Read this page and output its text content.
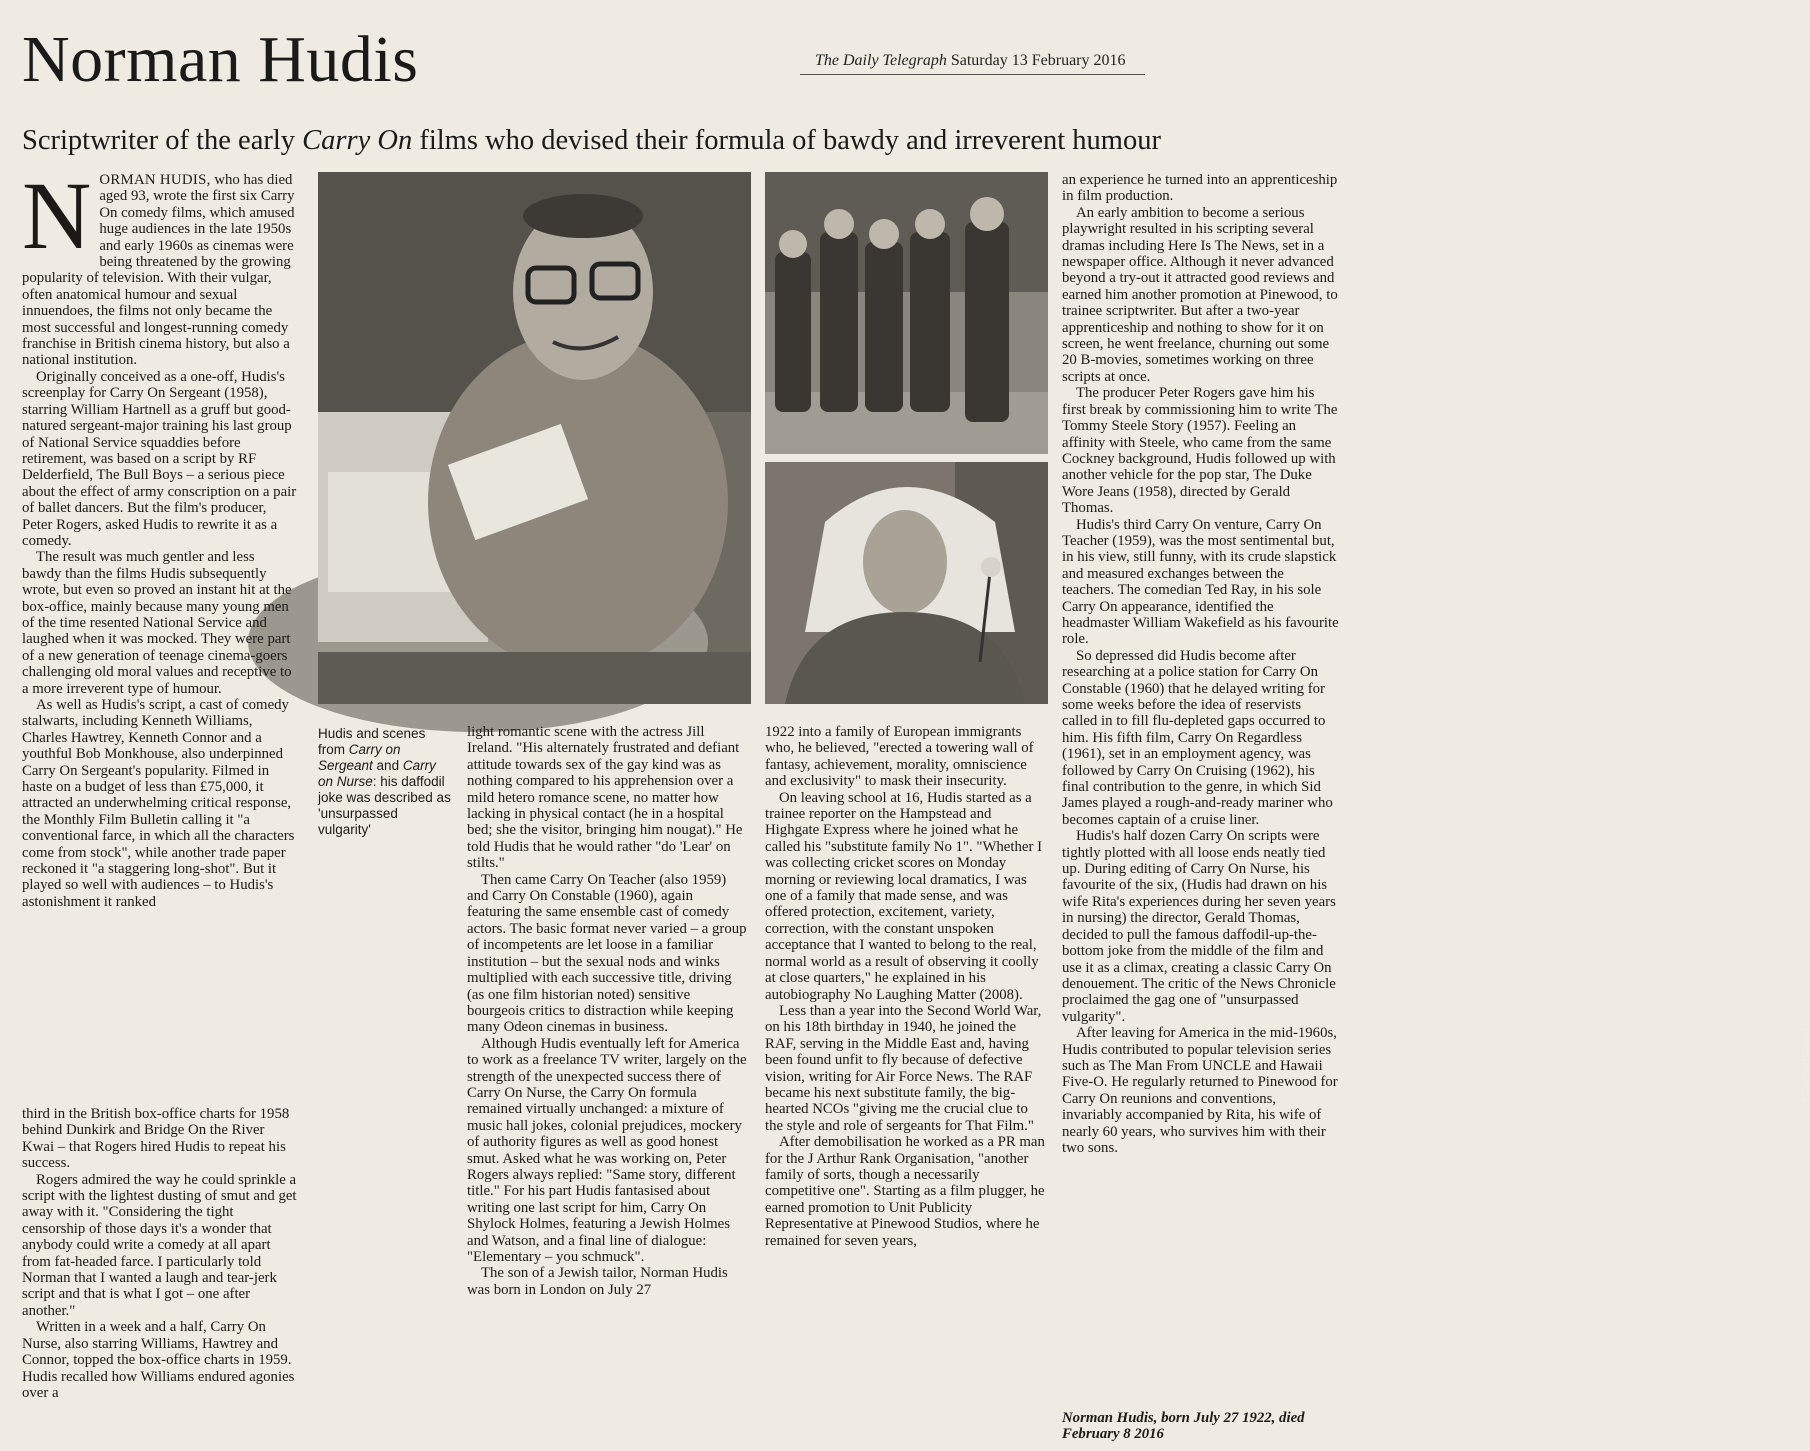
Norman Hudis	The Daily Telegraph Saturday 13 February 2016
Scriptwriter of the early Carry On films who devised their formula of bawdy and irreverent humour
REX/PHOTOSHOT
Hudis and scenes from Carry on Sergeant and Carry on Nurse: his daffodil joke was described as 'unsurpassed vulgarity'

NORMAN HUDIS, who has died aged 93, wrote the first six Carry On comedy films, which amused huge audiences in the late 1950s and early 1960s as cinemas were being threatened by the growing popularity of television. With their vulgar, often anatomical humour and sexual innuendoes, the films not only became the most successful and longest-running comedy franchise in British cinema history, but also a national institution.

Originally conceived as a one-off, Hudis's screenplay for Carry On Sergeant (1958), starring William Hartnell as a gruff but good-natured sergeant-major training his last group of National Service squaddies before retirement, was based on a script by RF Delderfield, The Bull Boys – a serious piece about the effect of army conscription on a pair of ballet dancers. But the film's producer, Peter Rogers, asked Hudis to rewrite it as a comedy.

The result was much gentler and less bawdy than the films Hudis subsequently wrote, but even so proved an instant hit at the box-office, mainly because many young men of the time resented National Service and laughed when it was mocked. They were part of a new generation of teenage cinema-goers challenging old moral values and receptive to a more irreverent type of humour.

As well as Hudis's script, a cast of comedy stalwarts, including Kenneth Williams, Charles Hawtrey, Kenneth Connor and a youthful Bob Monkhouse, also underpinned Carry On Sergeant's popularity. Filmed in haste on a budget of less than £75,000, it attracted an underwhelming critical response, the Monthly Film Bulletin calling it "a conventional farce, in which all the characters come from stock", while another trade paper reckoned it "a staggering long-shot". But it played so well with audiences – to Hudis's astonishment it ranked

third in the British box-office charts for 1958 behind Dunkirk and Bridge On the River Kwai – that Rogers hired Hudis to repeat his success.

Rogers admired the way he could sprinkle a script with the lightest dusting of smut and get away with it. "Considering the tight censorship of those days it's a wonder that anybody could write a comedy at all apart from fat-headed farce. I particularly told Norman that I wanted a laugh and tear-jerk script and that is what I got – one after another."

Written in a week and a half, Carry On Nurse, also starring Williams, Hawtrey and Connor, topped the box-office charts in 1959. Hudis recalled how Williams endured agonies over a

light romantic scene with the actress Jill Ireland. "His alternately frustrated and defiant attitude towards sex of the gay kind was as nothing compared to his apprehension over a mild hetero romance scene, no matter how lacking in physical contact (he in a hospital bed; she the visitor, bringing him nougat)." He told Hudis that he would rather "do 'Lear' on stilts."

Then came Carry On Teacher (also 1959) and Carry On Constable (1960), again featuring the same ensemble cast of comedy actors. The basic format never varied – a group of incompetents are let loose in a familiar institution – but the sexual nods and winks multiplied with each successive title, driving (as one film historian noted) sensitive bourgeois critics to distraction while keeping many Odeon cinemas in business.

Although Hudis eventually left for America to work as a freelance TV writer, largely on the strength of the unexpected success there of Carry On Nurse, the Carry On formula remained virtually unchanged: a mixture of music hall jokes, colonial prejudices, mockery of authority figures as well as good honest smut. Asked what he was working on, Peter Rogers always replied: "Same story, different title." For his part Hudis fantasised about writing one last script for him, Carry On Shylock Holmes, featuring a Jewish Holmes and Watson, and a final line of dialogue: "Elementary – you schmuck".

The son of a Jewish tailor, Norman Hudis was born in London on July 27

1922 into a family of European immigrants who, he believed, "erected a towering wall of fantasy, achievement, morality, omniscience and exclusivity" to mask their insecurity.

On leaving school at 16, Hudis started as a trainee reporter on the Hampstead and Highgate Express where he joined what he called his "substitute family No 1". "Whether I was collecting cricket scores on Monday morning or reviewing local dramatics, I was one of a family that made sense, and was offered protection, excitement, variety, correction, with the constant unspoken acceptance that I wanted to belong to the real, normal world as a result of observing it coolly at close quarters," he explained in his autobiography No Laughing Matter (2008).

Less than a year into the Second World War, on his 18th birthday in 1940, he joined the RAF, serving in the Middle East and, having been found unfit to fly because of defective vision, writing for Air Force News. The RAF became his next substitute family, the big-hearted NCOs "giving me the crucial clue to the style and role of sergeants for That Film."

After demobilisation he worked as a PR man for the J Arthur Rank Organisation, "another family of sorts, though a necessarily competitive one". Starting as a film plugger, he earned promotion to Unit Publicity Representative at Pinewood Studios, where he remained for seven years,

an experience he turned into an apprenticeship in film production.

An early ambition to become a serious playwright resulted in his scripting several dramas including Here Is The News, set in a newspaper office. Although it never advanced beyond a try-out it attracted good reviews and earned him another promotion at Pinewood, to trainee scriptwriter. But after a two-year apprenticeship and nothing to show for it on screen, he went freelance, churning out some 20 B-movies, sometimes working on three scripts at once.

The producer Peter Rogers gave him his first break by commissioning him to write The Tommy Steele Story (1957). Feeling an affinity with Steele, who came from the same Cockney background, Hudis followed up with another vehicle for the pop star, The Duke Wore Jeans (1958), directed by Gerald Thomas.

Hudis's third Carry On venture, Carry On Teacher (1959), was the most sentimental but, in his view, still funny, with its crude slapstick and measured exchanges between the teachers. The comedian Ted Ray, in his sole Carry On appearance, identified the headmaster William Wakefield as his favourite role.

So depressed did Hudis become after researching at a police station for Carry On Constable (1960) that he delayed writing for some weeks before the idea of reservists called in to fill flu-depleted gaps occurred to him. His fifth film, Carry On Regardless (1961), set in an employment agency, was followed by Carry On Cruising (1962), his final contribution to the genre, in which Sid James played a rough-and-ready mariner who becomes captain of a cruise liner.

Hudis's half dozen Carry On scripts were tightly plotted with all loose ends neatly tied up. During editing of Carry On Nurse, his favourite of the six, (Hudis had drawn on his wife Rita's experiences during her seven years in nursing) the director, Gerald Thomas, decided to pull the famous daffodil-up-the-bottom joke from the middle of the film and use it as a climax, creating a classic Carry On denouement. The critic of the News Chronicle proclaimed the gag one of "unsurpassed vulgarity".

After leaving for America in the mid-1960s, Hudis contributed to popular television series such as The Man From UNCLE and Hawaii Five-O. He regularly returned to Pinewood for Carry On reunions and conventions, invariably accompanied by Rita, his wife of nearly 60 years, who survives him with their two sons.

Norman Hudis, born July 27 1922, died February 8 2016
